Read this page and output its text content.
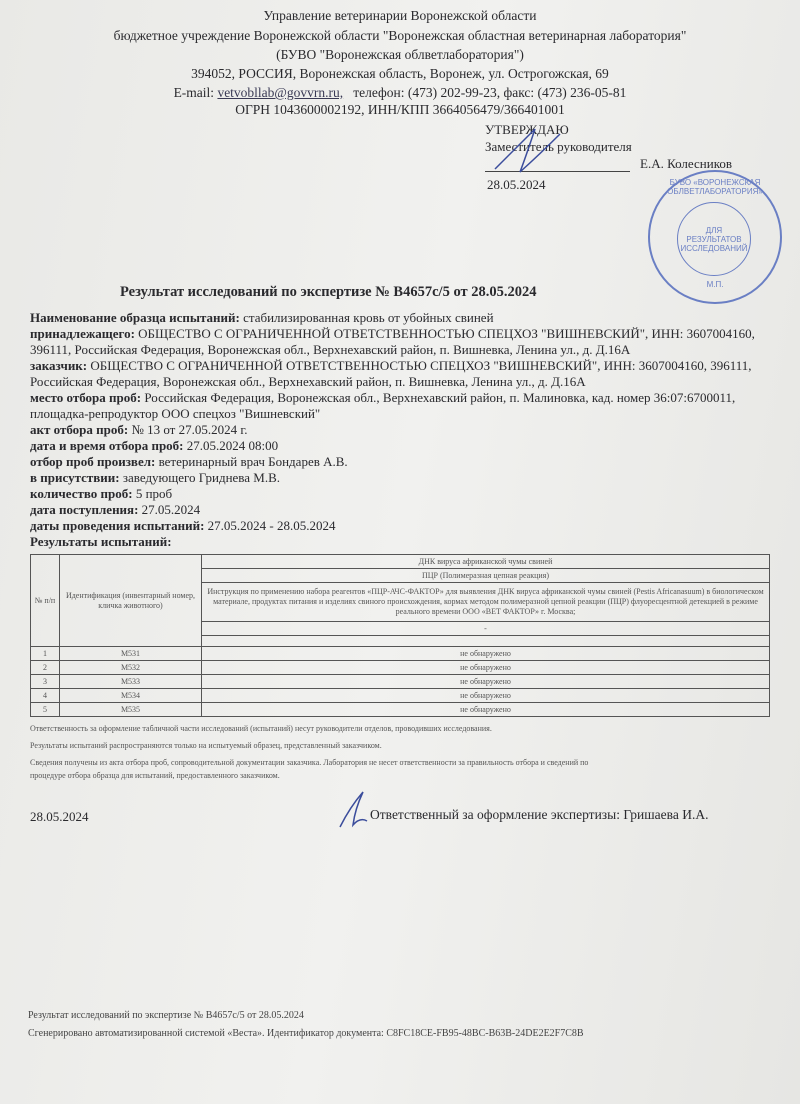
Управление ветеринарии Воронежской области
бюджетное учреждение Воронежской области "Воронежская областная ветеринарная лаборатория"
(БУВО "Воронежская облветлаборатория")
394052, РОССИЯ, Воронежская область, Воронеж, ул. Острогожская, 69
E-mail: vetvobllab@govvrn.ru, телефон: (473) 202-99-23, факс: (473) 236-05-81
ОГРН 1043600002192, ИНН/КПП 3664056479/366401001
УТВЕРЖДАЮ
Заместитель руководителя
Е.А. Колесников
28.05.2024	БУВО «ВОРОНЕЖСКАЯ ОБЛВЕТЛАБОРАТОРИЯ»
ДЛЯ РЕЗУЛЬТАТОВ ИССЛЕДОВАНИЙ
М.П.
Результат исследований по экспертизе № В4657с/5 от 28.05.2024
Наименование образца испытаний: стабилизированная кровь от убойных свиней
принадлежащего: ОБЩЕСТВО С ОГРАНИЧЕННОЙ ОТВЕТСТВЕННОСТЬЮ СПЕЦХОЗ "ВИШНЕВСКИЙ", ИНН: 3607004160, 396111, Российская Федерация, Воронежская обл., Верхнехавский район, п. Вишневка, Ленина ул., д. Д.16А
заказчик: ОБЩЕСТВО С ОГРАНИЧЕННОЙ ОТВЕТСТВЕННОСТЬЮ СПЕЦХОЗ "ВИШНЕВСКИЙ", ИНН: 3607004160, 396111, Российская Федерация, Воронежская обл., Верхнехавский район, п. Вишневка, Ленина ул., д. Д.16А
место отбора проб: Российская Федерация, Воронежская обл., Верхнехавский район, п. Малиновка, кад. номер 36:07:6700011, площадка-репродуктор ООО спецхоз "Вишневский"
акт отбора проб: № 13 от 27.05.2024 г.
дата и время отбора проб: 27.05.2024 08:00
отбор проб произвел: ветеринарный врач Бондарев А.В.
в присутствии: заведующего Гриднева М.В.
количество проб: 5 проб
дата поступления: 27.05.2024
даты проведения испытаний: 27.05.2024 - 28.05.2024
Результаты испытаний:
№ п/п	Идентификация (инвентарный номер, кличка животного)	ДНК вируса африканской чумы свиней
		ПЦР (Полимеразная цепная реакция)
		Инструкция по применению набора реагентов «ПЦР-АЧС-ФАКТОР» для выявления ДНК вируса африканской чумы свиней (Pestis Africanasuum) в биологическом материале, продуктах питания и изделиях свиного происхождения, кормах методом полимеразной цепной реакции (ПЦР) флуоресцентной детекцией в режиме реального времени ООО «ВЕТ ФАКТОР» г. Москва;
		-

1	M531	не обнаружено
2	M532	не обнаружено
3	M533	не обнаружено
4	M534	не обнаружено
5	M535	не обнаружено
Ответственность за оформление табличной части исследований (испытаний) несут руководители отделов, проводивших исследования.
Результаты испытаний распространяются только на испытуемый образец, представленный заказчиком.
Сведения получены из акта отбора проб, сопроводительной документации заказчика. Лаборатория не несет ответственности за правильность отбора и сведений по
процедуре отбора образца для испытаний, предоставленного заказчиком.
28.05.2024	Ответственный за оформление экспертизы: Гришаева И.А.
Результат исследований по экспертизе № В4657с/5 от 28.05.2024
Сгенерировано автоматизированной системой «Веста». Идентификатор документа: C8FC18CE-FB95-48BC-B63B-24DE2E2F7C8B
